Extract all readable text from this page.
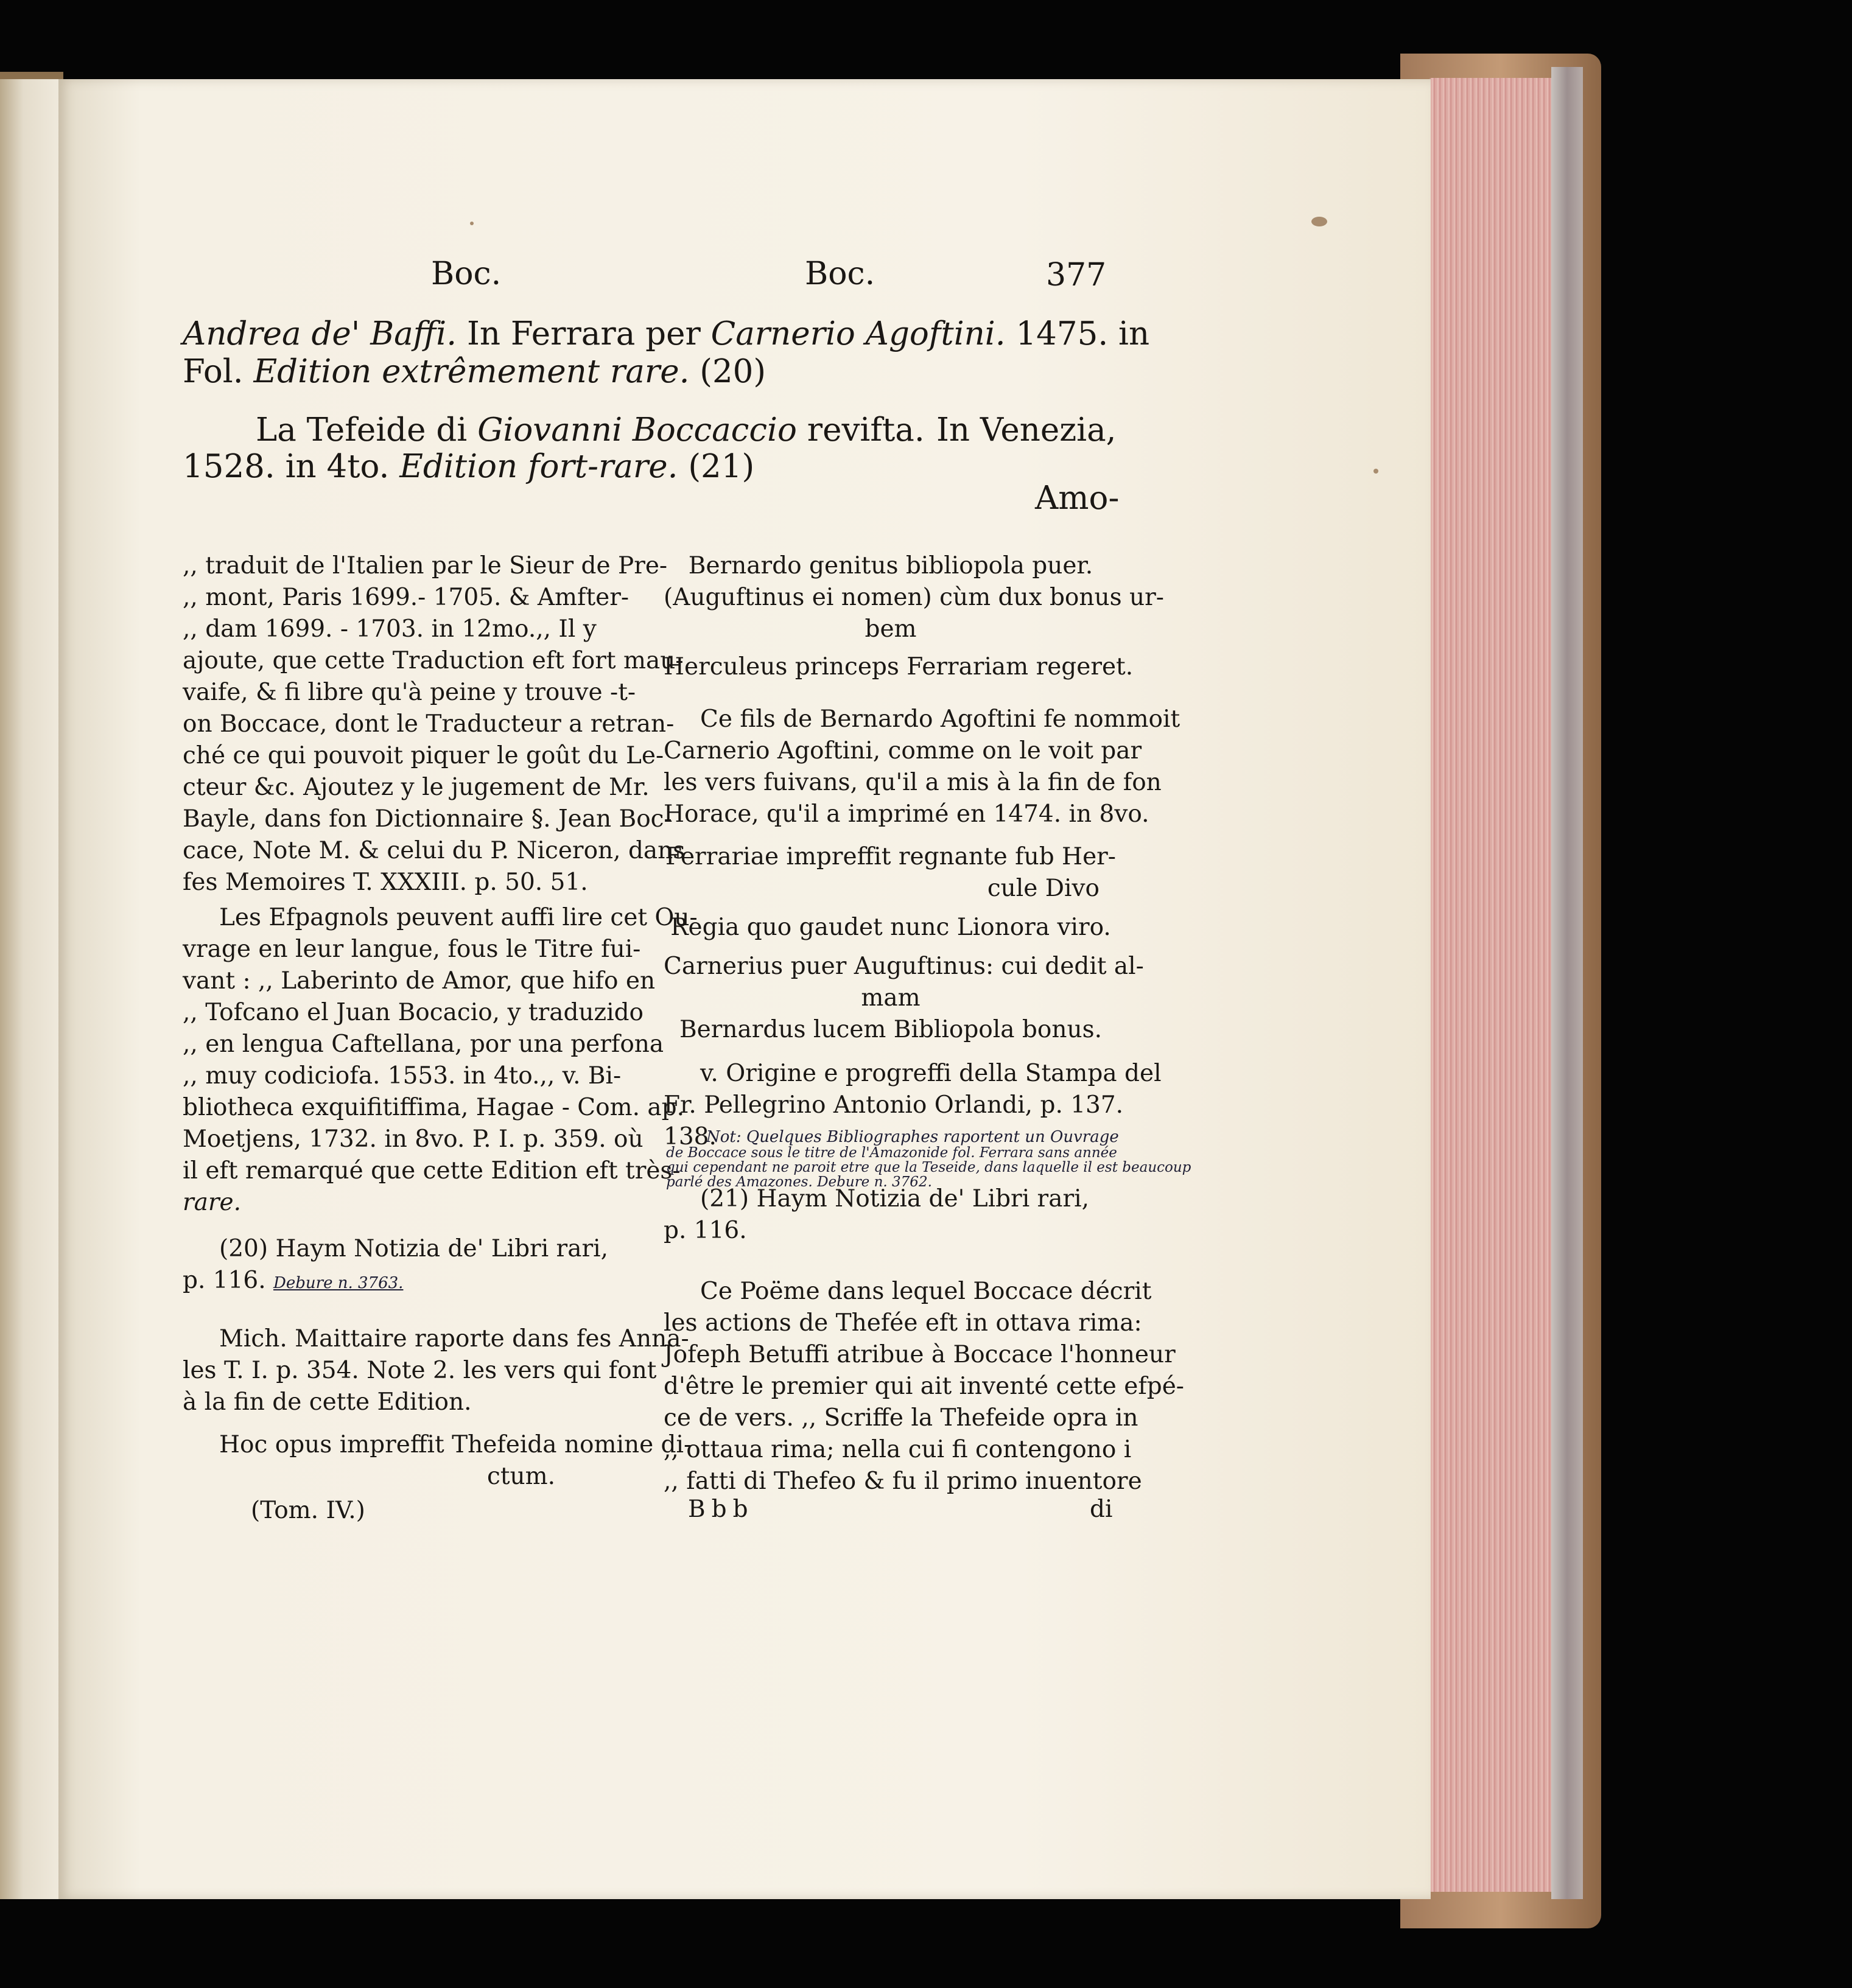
Boc.	Boc.	377
Andrea de' Baffi. In Ferrara per Carnerio Agoftini. 1475. in
Fol. Edition extrêmement rare. (20)
La Tefeide di Giovanni Boccaccio revifta. In Venezia,
1528. in 4to. Edition fort-rare. (21)
Amo-
,, traduit de l'Italien par le Sieur de Pre-
,, mont, Paris 1699.- 1705. & Amfter-
,, dam 1699. - 1703. in 12mo.,, Il y
ajoute, que cette Traduction eft fort mau-
vaife, & fi libre qu'à peine y trouve -t-
on Boccace, dont le Traducteur a retran-
ché ce qui pouvoit piquer le goût du Le-
cteur &c. Ajoutez y le jugement de Mr.
Bayle, dans fon Dictionnaire §. Jean Boc-
cace, Note M. & celui du P. Niceron, dans
fes Memoires T. XXXIII. p. 50. 51.
Les Efpagnols peuvent auffi lire cet Ou-
vrage en leur langue, fous le Titre fui-
vant : ,, Laberinto de Amor, que hifo en
,, Tofcano el Juan Bocacio, y traduzido
,, en lengua Caftellana, por una perfona
,, muy codiciofa. 1553. in 4to.,, v. Bi-
bliotheca exquifitiffima, Hagae - Com. ap.
Moetjens, 1732. in 8vo. P. I. p. 359. où
il eft remarqué que cette Edition eft très-
rare.
(20) Haym Notizia de' Libri rari,
p. 116. Debure n. 3763.
Mich. Maittaire raporte dans fes Anna-
les T. I. p. 354. Note 2. les vers qui font
à la fin de cette Edition.
Hoc opus impreffit Thefeida nomine di-
ctum.
(Tom. IV.)
Bernardo genitus bibliopola puer.
(Auguftinus ei nomen) cùm dux bonus ur-
bem
Herculeus princeps Ferrariam regeret.
Ce fils de Bernardo Agoftini fe nommoit
Carnerio Agoftini, comme on le voit par
les vers fuivans, qu'il a mis à la fin de fon
Horace, qu'il a imprimé en 1474. in 8vo.
Ferrariae impreffit regnante fub Her-
cule Divo
Regia quo gaudet nunc Lionora viro.
Carnerius puer Auguftinus: cui dedit al-
mam
Bernardus lucem Bibliopola bonus.
v. Origine e progreffi della Stampa del
Fr. Pellegrino Antonio Orlandi, p. 137.
138.
Not: Quelques Bibliographes raportent un Ouvrage
de Boccace sous le titre de l'Amazonide fol. Ferrara sans année
qui cependant ne paroit etre que la Teseide, dans laquelle il est beaucoup
parlé des Amazones. Debure n. 3762.
(21) Haym Notizia de' Libri rari,
p. 116.
Ce Poëme dans lequel Boccace décrit
les actions de Thefée eft in ottava rima:
Jofeph Betuffi atribue à Boccace l'honneur
d'être le premier qui ait inventé cette efpé-
ce de vers. ,, Scriffe la Thefeide opra in
,, ottaua rima; nella cui fi contengono i
,, fatti di Thefeo & fu il primo inuentore
Bbb	di
